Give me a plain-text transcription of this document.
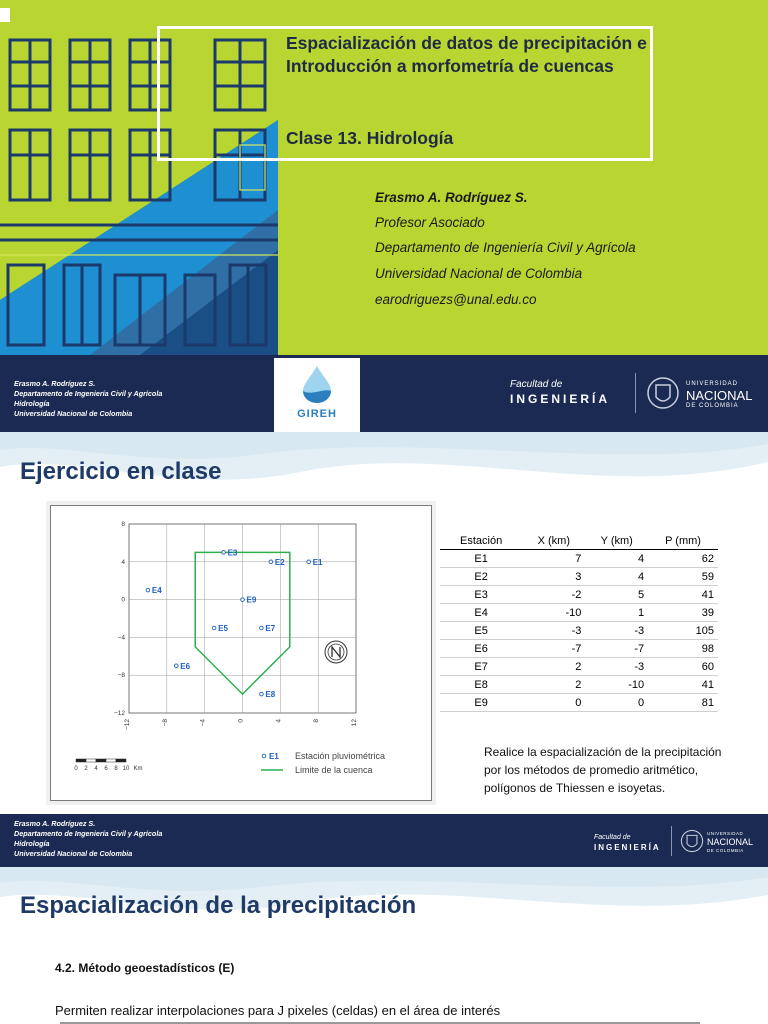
Espacialización de datos de precipitación e
Introducción a morfometría de cuencas
Clase 13. Hidrología
Erasmo A. Rodríguez S.
Profesor Asociado
Departamento de Ingeniería Civil y Agrícola
Universidad Nacional de Colombia
earodriguezs@unal.edu.co
Erasmo A. Rodríguez S.
Departamento de Ingeniería Civil y Agrícola
Hidrología
Universidad Nacional de Colombia	GIREH
Facultad de
INGENIERÍA
UNIVERSIDAD
NACIONAL
DE COLOMBIA
Ejercicio en clase
−12	−8	−4	0	4	8	12
8
4
0
−4
−8
−12
E1
E2
E3
E4
E5
E6
E7
E8
E9
0 2 4 6 8 10 Km
E1 Estación pluviométrica
Limite de la cuenca
Estación	X (km)	Y (km)	P (mm)
E1	7	4	62
E2	3	4	59
E3	-2	5	41
E4	-10	1	39
E5	-3	-3	105
E6	-7	-7	98
E7	2	-3	60
E8	2	-10	41
E9	0	0	81
Realice la espacialización de la precipitación
por los métodos de promedio aritmético,
polígonos de Thiessen e isoyetas.
Erasmo A. Rodríguez S.
Departamento de Ingeniería Civil y Agrícola
Hidrología
Universidad Nacional de Colombia
Facultad de
INGENIERÍA
UNIVERSIDAD
NACIONAL
DE COLOMBIA
Espacialización de la precipitación
4.2. Método geoestadísticos (E)
Permiten realizar interpolaciones para J pixeles (celdas) en el área de interés
